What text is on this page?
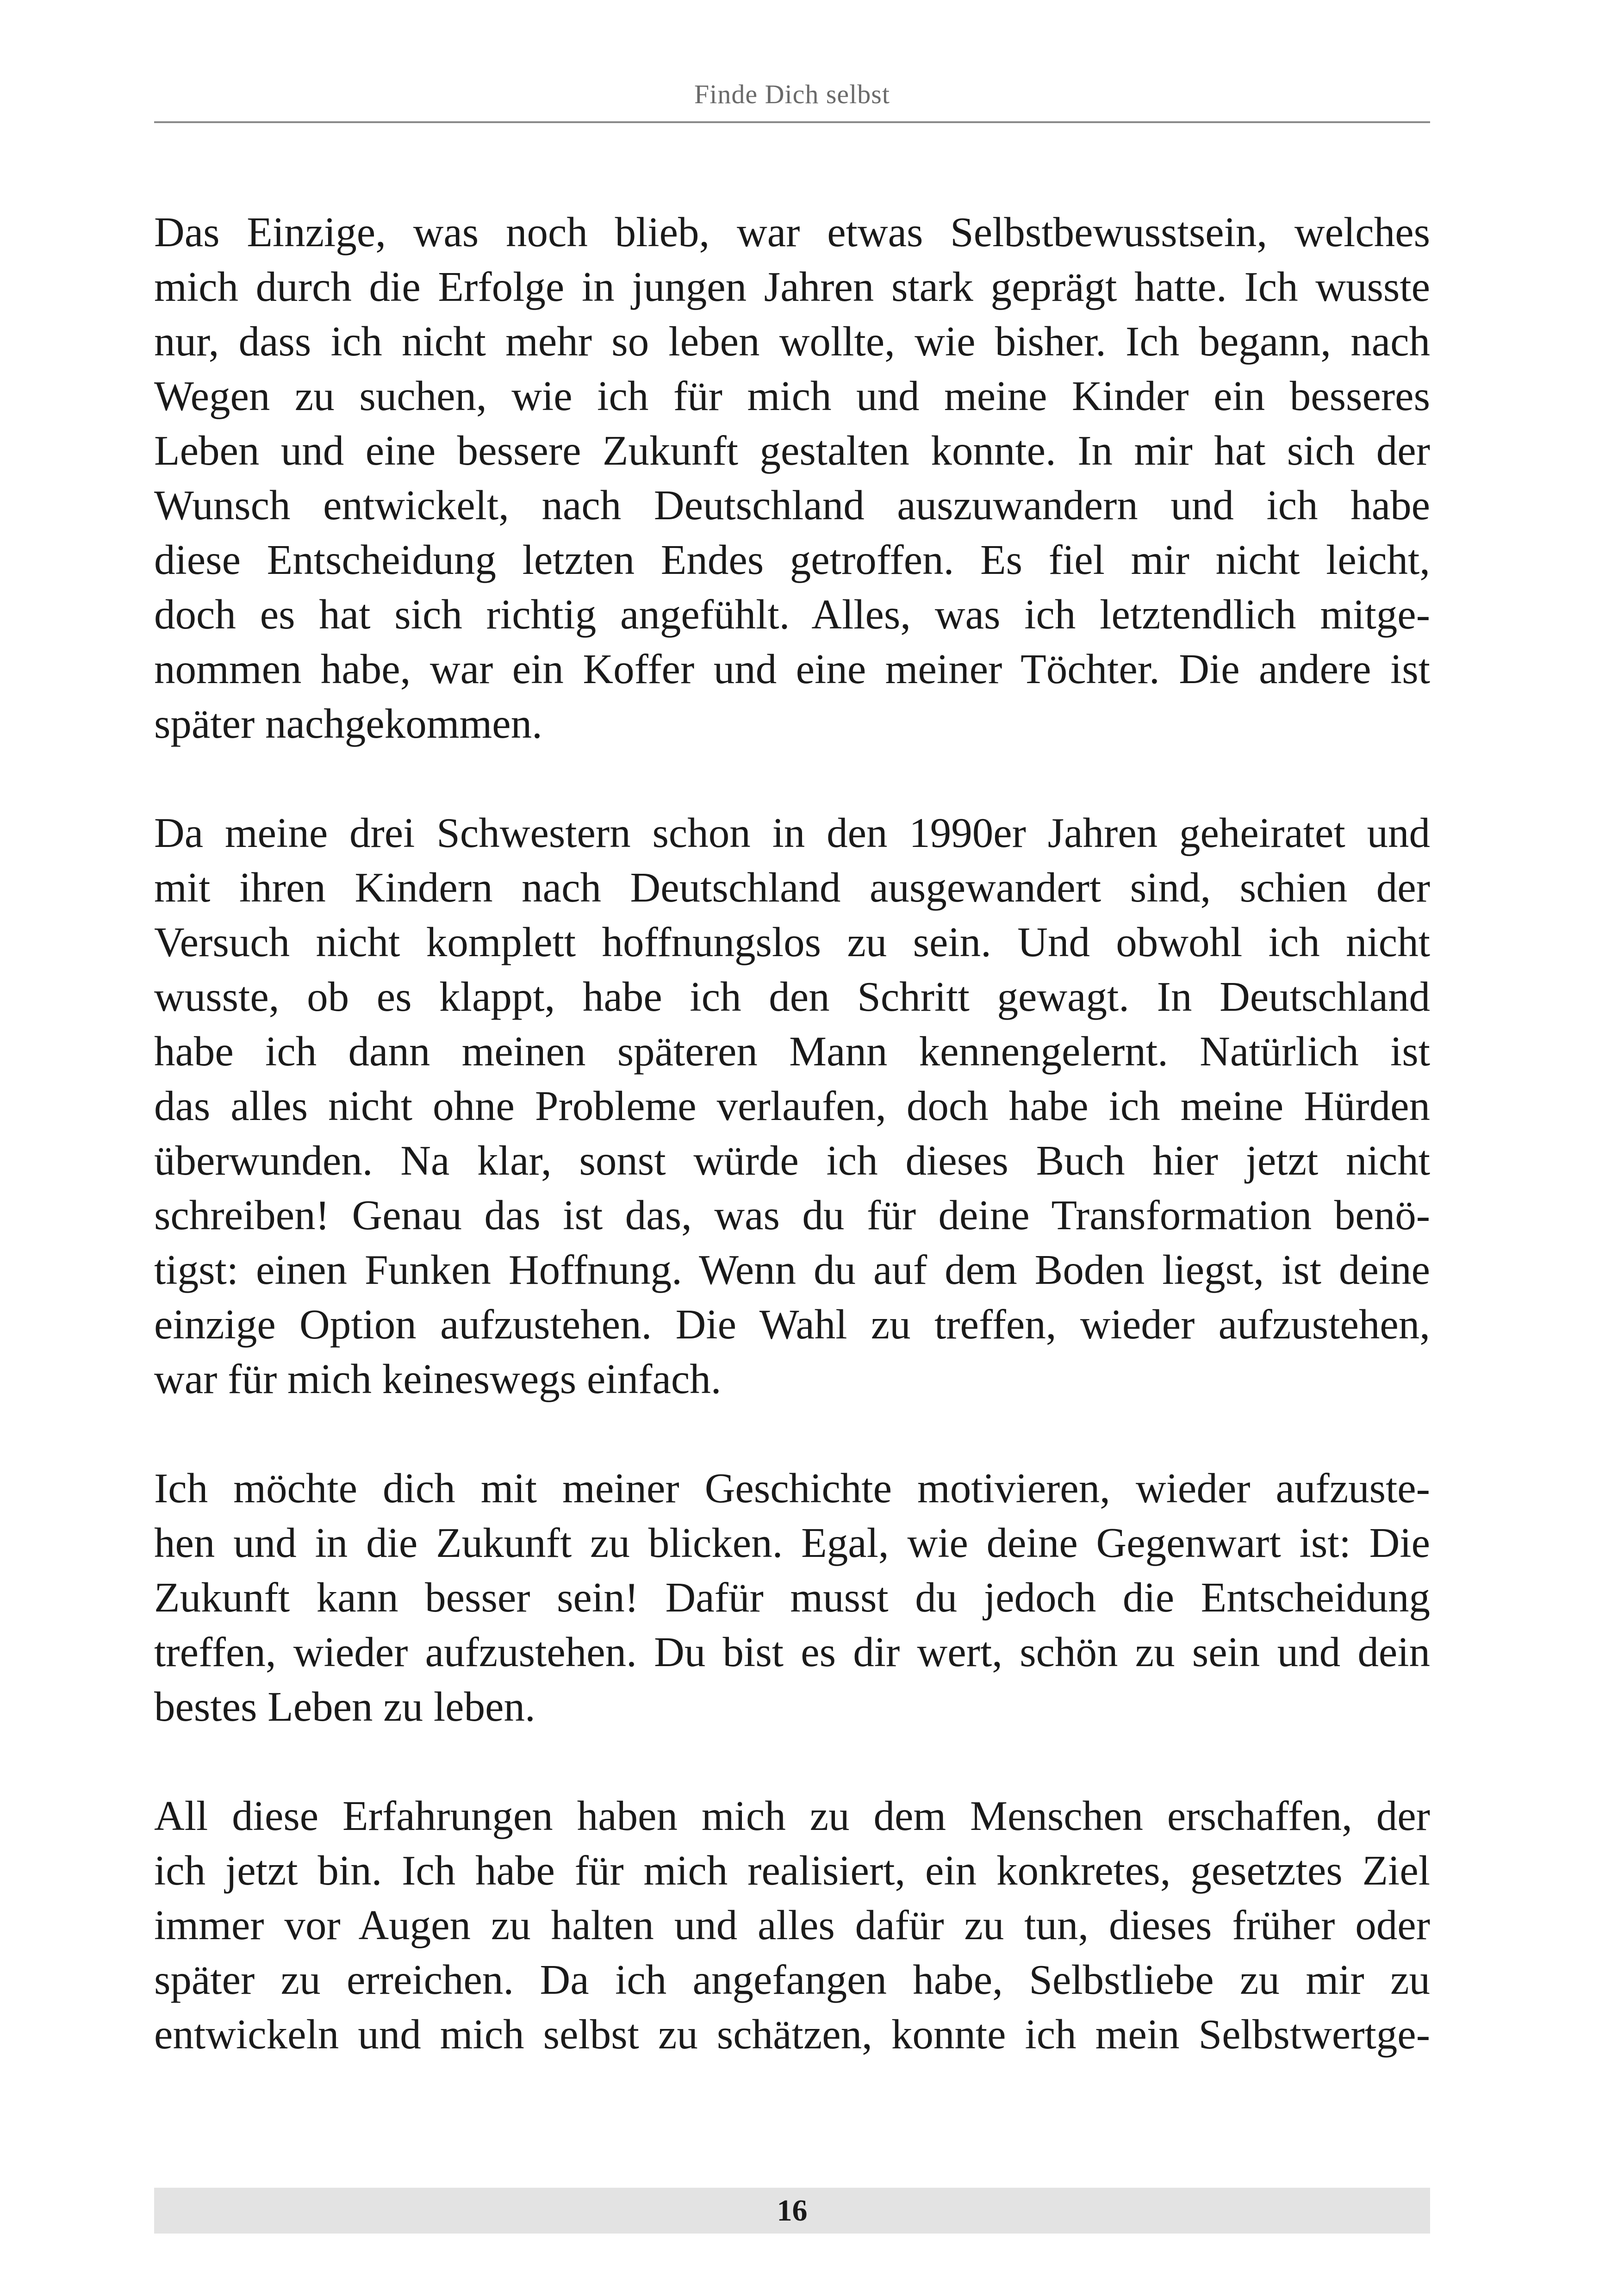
Finde Dich selbst

Das Einzige, was noch blieb, war etwas Selbstbewusstsein, welches
mich durch die Erfolge in jungen Jahren stark geprägt hatte. Ich wusste
nur, dass ich nicht mehr so leben wollte, wie bisher. Ich begann, nach
Wegen zu suchen, wie ich für mich und meine Kinder ein besseres
Leben und eine bessere Zukunft gestalten konnte. In mir hat sich der
Wunsch entwickelt, nach Deutschland auszuwandern und ich habe
diese Entscheidung letzten Endes getroffen. Es fiel mir nicht leicht,
doch es hat sich richtig angefühlt. Alles, was ich letztendlich mitge-
nommen habe, war ein Koffer und eine meiner Töchter. Die andere ist
später nachgekommen.

Da meine drei Schwestern schon in den 1990er Jahren geheiratet und
mit ihren Kindern nach Deutschland ausgewandert sind, schien der
Versuch nicht komplett hoffnungslos zu sein. Und obwohl ich nicht
wusste, ob es klappt, habe ich den Schritt gewagt. In Deutschland
habe ich dann meinen späteren Mann kennengelernt. Natürlich ist
das alles nicht ohne Probleme verlaufen, doch habe ich meine Hürden
überwunden. Na klar, sonst würde ich dieses Buch hier jetzt nicht
schreiben! Genau das ist das, was du für deine Transformation benö-
tigst: einen Funken Hoffnung. Wenn du auf dem Boden liegst, ist deine
einzige Option aufzustehen. Die Wahl zu treffen, wieder aufzustehen,
war für mich keineswegs einfach.

Ich möchte dich mit meiner Geschichte motivieren, wieder aufzuste-
hen und in die Zukunft zu blicken. Egal, wie deine Gegenwart ist: Die
Zukunft kann besser sein! Dafür musst du jedoch die Entscheidung
treffen, wieder aufzustehen. Du bist es dir wert, schön zu sein und dein
bestes Leben zu leben.

All diese Erfahrungen haben mich zu dem Menschen erschaffen, der
ich jetzt bin. Ich habe für mich realisiert, ein konkretes, gesetztes Ziel
immer vor Augen zu halten und alles dafür zu tun, dieses früher oder
später zu erreichen. Da ich angefangen habe, Selbstliebe zu mir zu
entwickeln und mich selbst zu schätzen, konnte ich mein Selbstwertge-

16
